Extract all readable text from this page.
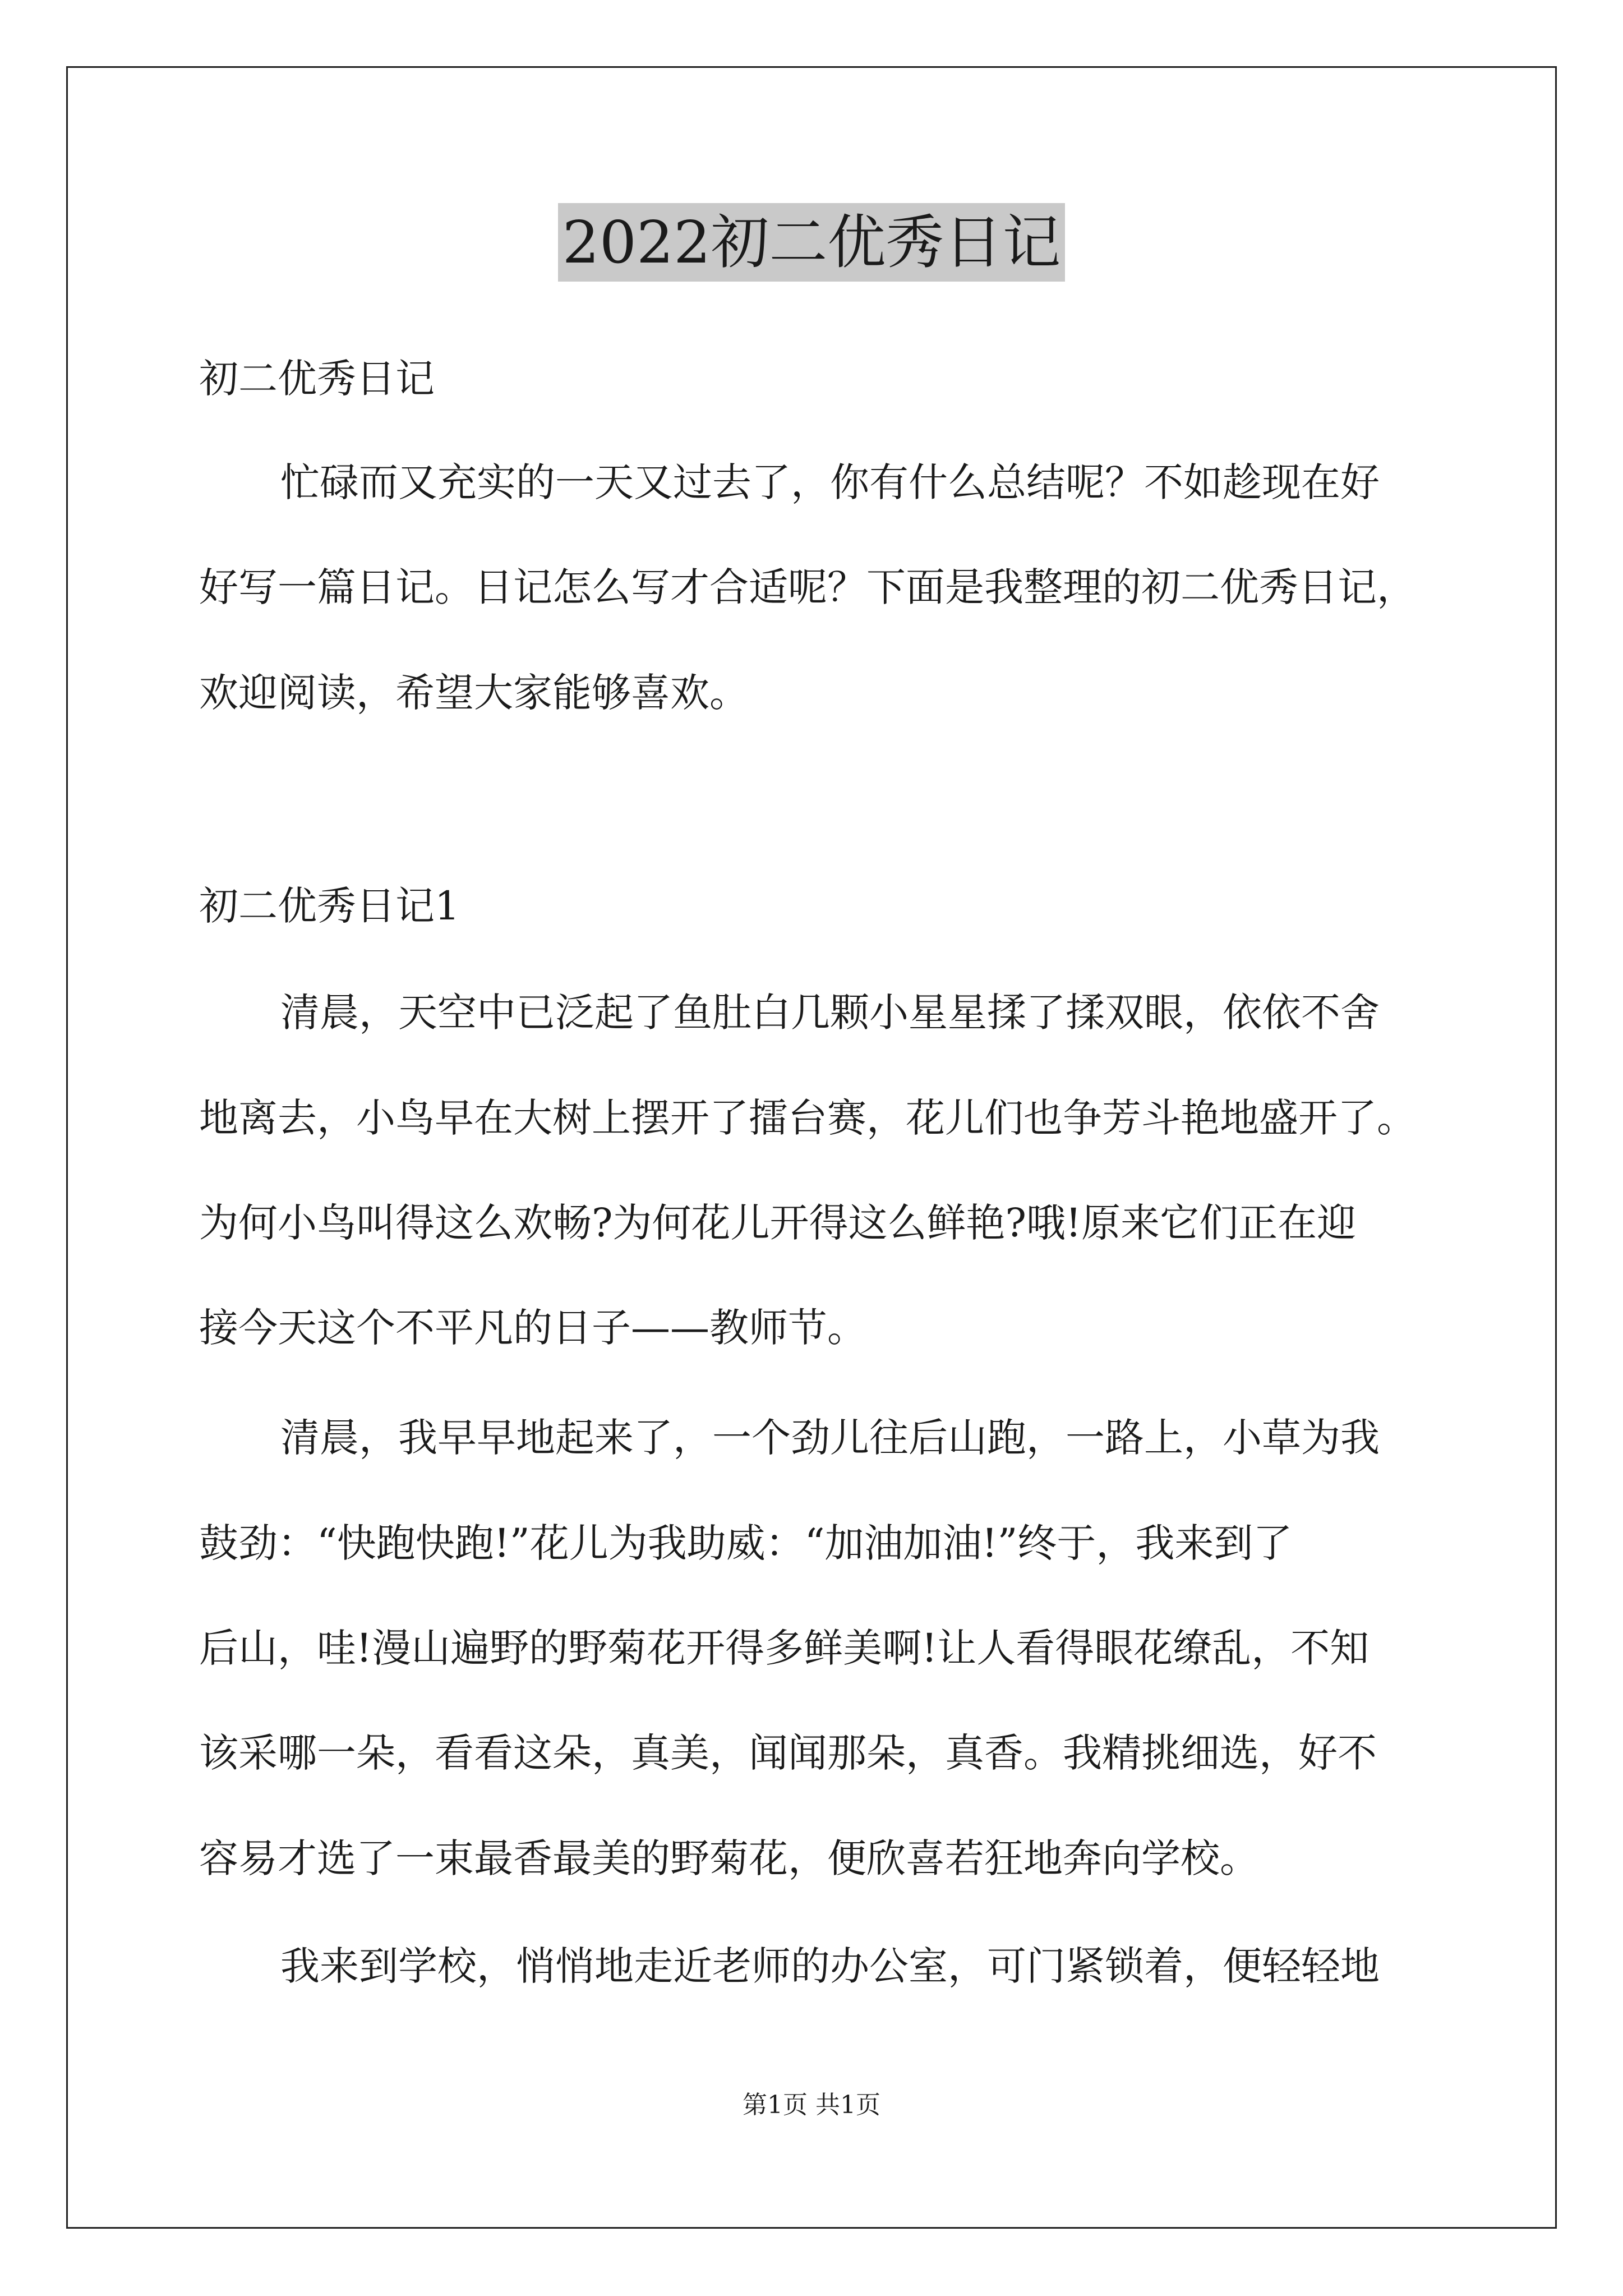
2022初二优秀日记
初二优秀日记
忙碌而又充实的一天又过去了，你有什么总结呢？不如趁现在好
好写一篇日记。日记怎么写才合适呢？下面是我整理的初二优秀日记，
欢迎阅读，希望大家能够喜欢。
初二优秀日记1
清晨，天空中已泛起了鱼肚白几颗小星星揉了揉双眼，依依不舍
地离去，小鸟早在大树上摆开了擂台赛，花儿们也争芳斗艳地盛开了。
为何小鸟叫得这么欢畅?为何花儿开得这么鲜艳?哦!原来它们正在迎
接今天这个不平凡的日子——教师节。
清晨，我早早地起来了，一个劲儿往后山跑，一路上，小草为我
鼓劲：“快跑快跑!”花儿为我助威：“加油加油!”终于，我来到了
后山，哇!漫山遍野的野菊花开得多鲜美啊!让人看得眼花缭乱，不知
该采哪一朵，看看这朵，真美，闻闻那朵，真香。我精挑细选，好不
容易才选了一束最香最美的野菊花，便欣喜若狂地奔向学校。
我来到学校，悄悄地走近老师的办公室，可门紧锁着，便轻轻地
第1页 共1页
